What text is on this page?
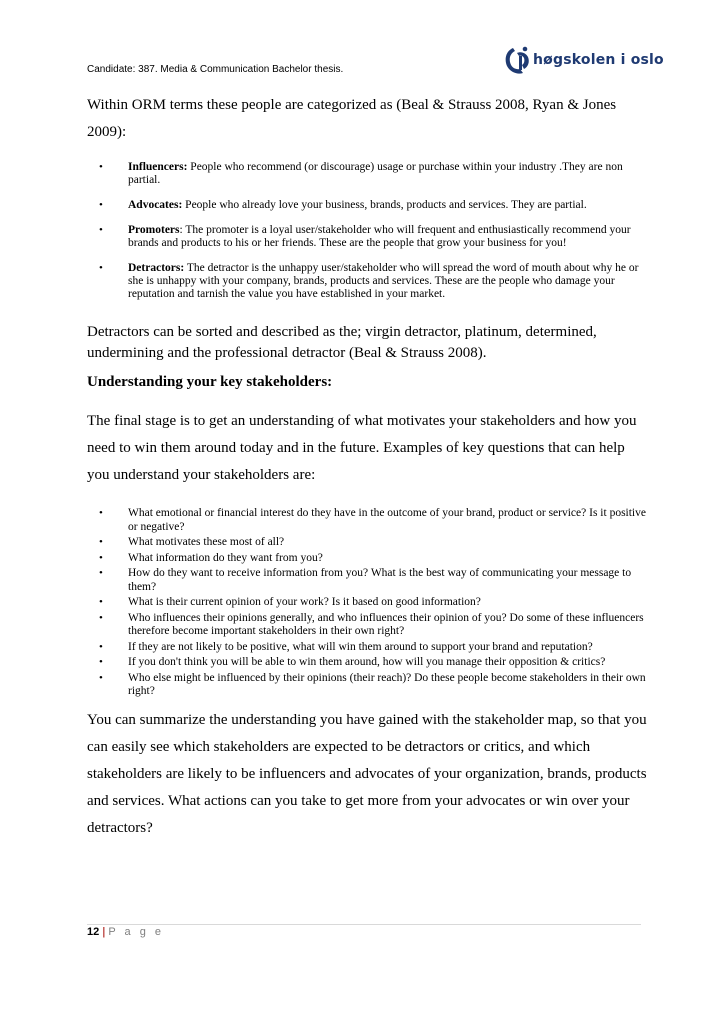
Candidate: 387. Media & Communication Bachelor thesis.
høgskolen i oslo
Within ORM terms these people are categorized as (Beal & Strauss 2008, Ryan & Jones 2009):
• Influencers: People who recommend (or discourage) usage or purchase within your industry .They are non partial.
• Advocates: People who already love your business, brands, products and services. They are partial.
• Promoters: The promoter is a loyal user/stakeholder who will frequent and enthusiastically recommend your brands and products to his or her friends. These are the people that grow your business for you!
• Detractors: The detractor is the unhappy user/stakeholder who will spread the word of mouth about why he or she is unhappy with your company, brands, products and services. These are the people who damage your reputation and tarnish the value you have established in your market.
Detractors can be sorted and described as the; virgin detractor, platinum, determined, undermining and the professional detractor (Beal & Strauss 2008).
Understanding your key stakeholders:
The final stage is to get an understanding of what motivates your stakeholders and how you need to win them around today and in the future. Examples of key questions that can help you understand your stakeholders are:
• What emotional or financial interest do they have in the outcome of your brand, product or service? Is it positive or negative?
• What motivates these most of all?
• What information do they want from you?
• How do they want to receive information from you? What is the best way of communicating your message to them?
• What is their current opinion of your work? Is it based on good information?
• Who influences their opinions generally, and who influences their opinion of you? Do some of these influencers therefore become important stakeholders in their own right?
• If they are not likely to be positive, what will win them around to support your brand and reputation?
• If you don't think you will be able to win them around, how will you manage their opposition & critics?
• Who else might be influenced by their opinions (their reach)? Do these people become stakeholders in their own right?
You can summarize the understanding you have gained with the stakeholder map, so that you can easily see which stakeholders are expected to be detractors or critics, and which stakeholders are likely to be influencers and advocates of your organization, brands, products and services. What actions can you take to get more from your advocates or win over your detractors?
12 | P a g e
